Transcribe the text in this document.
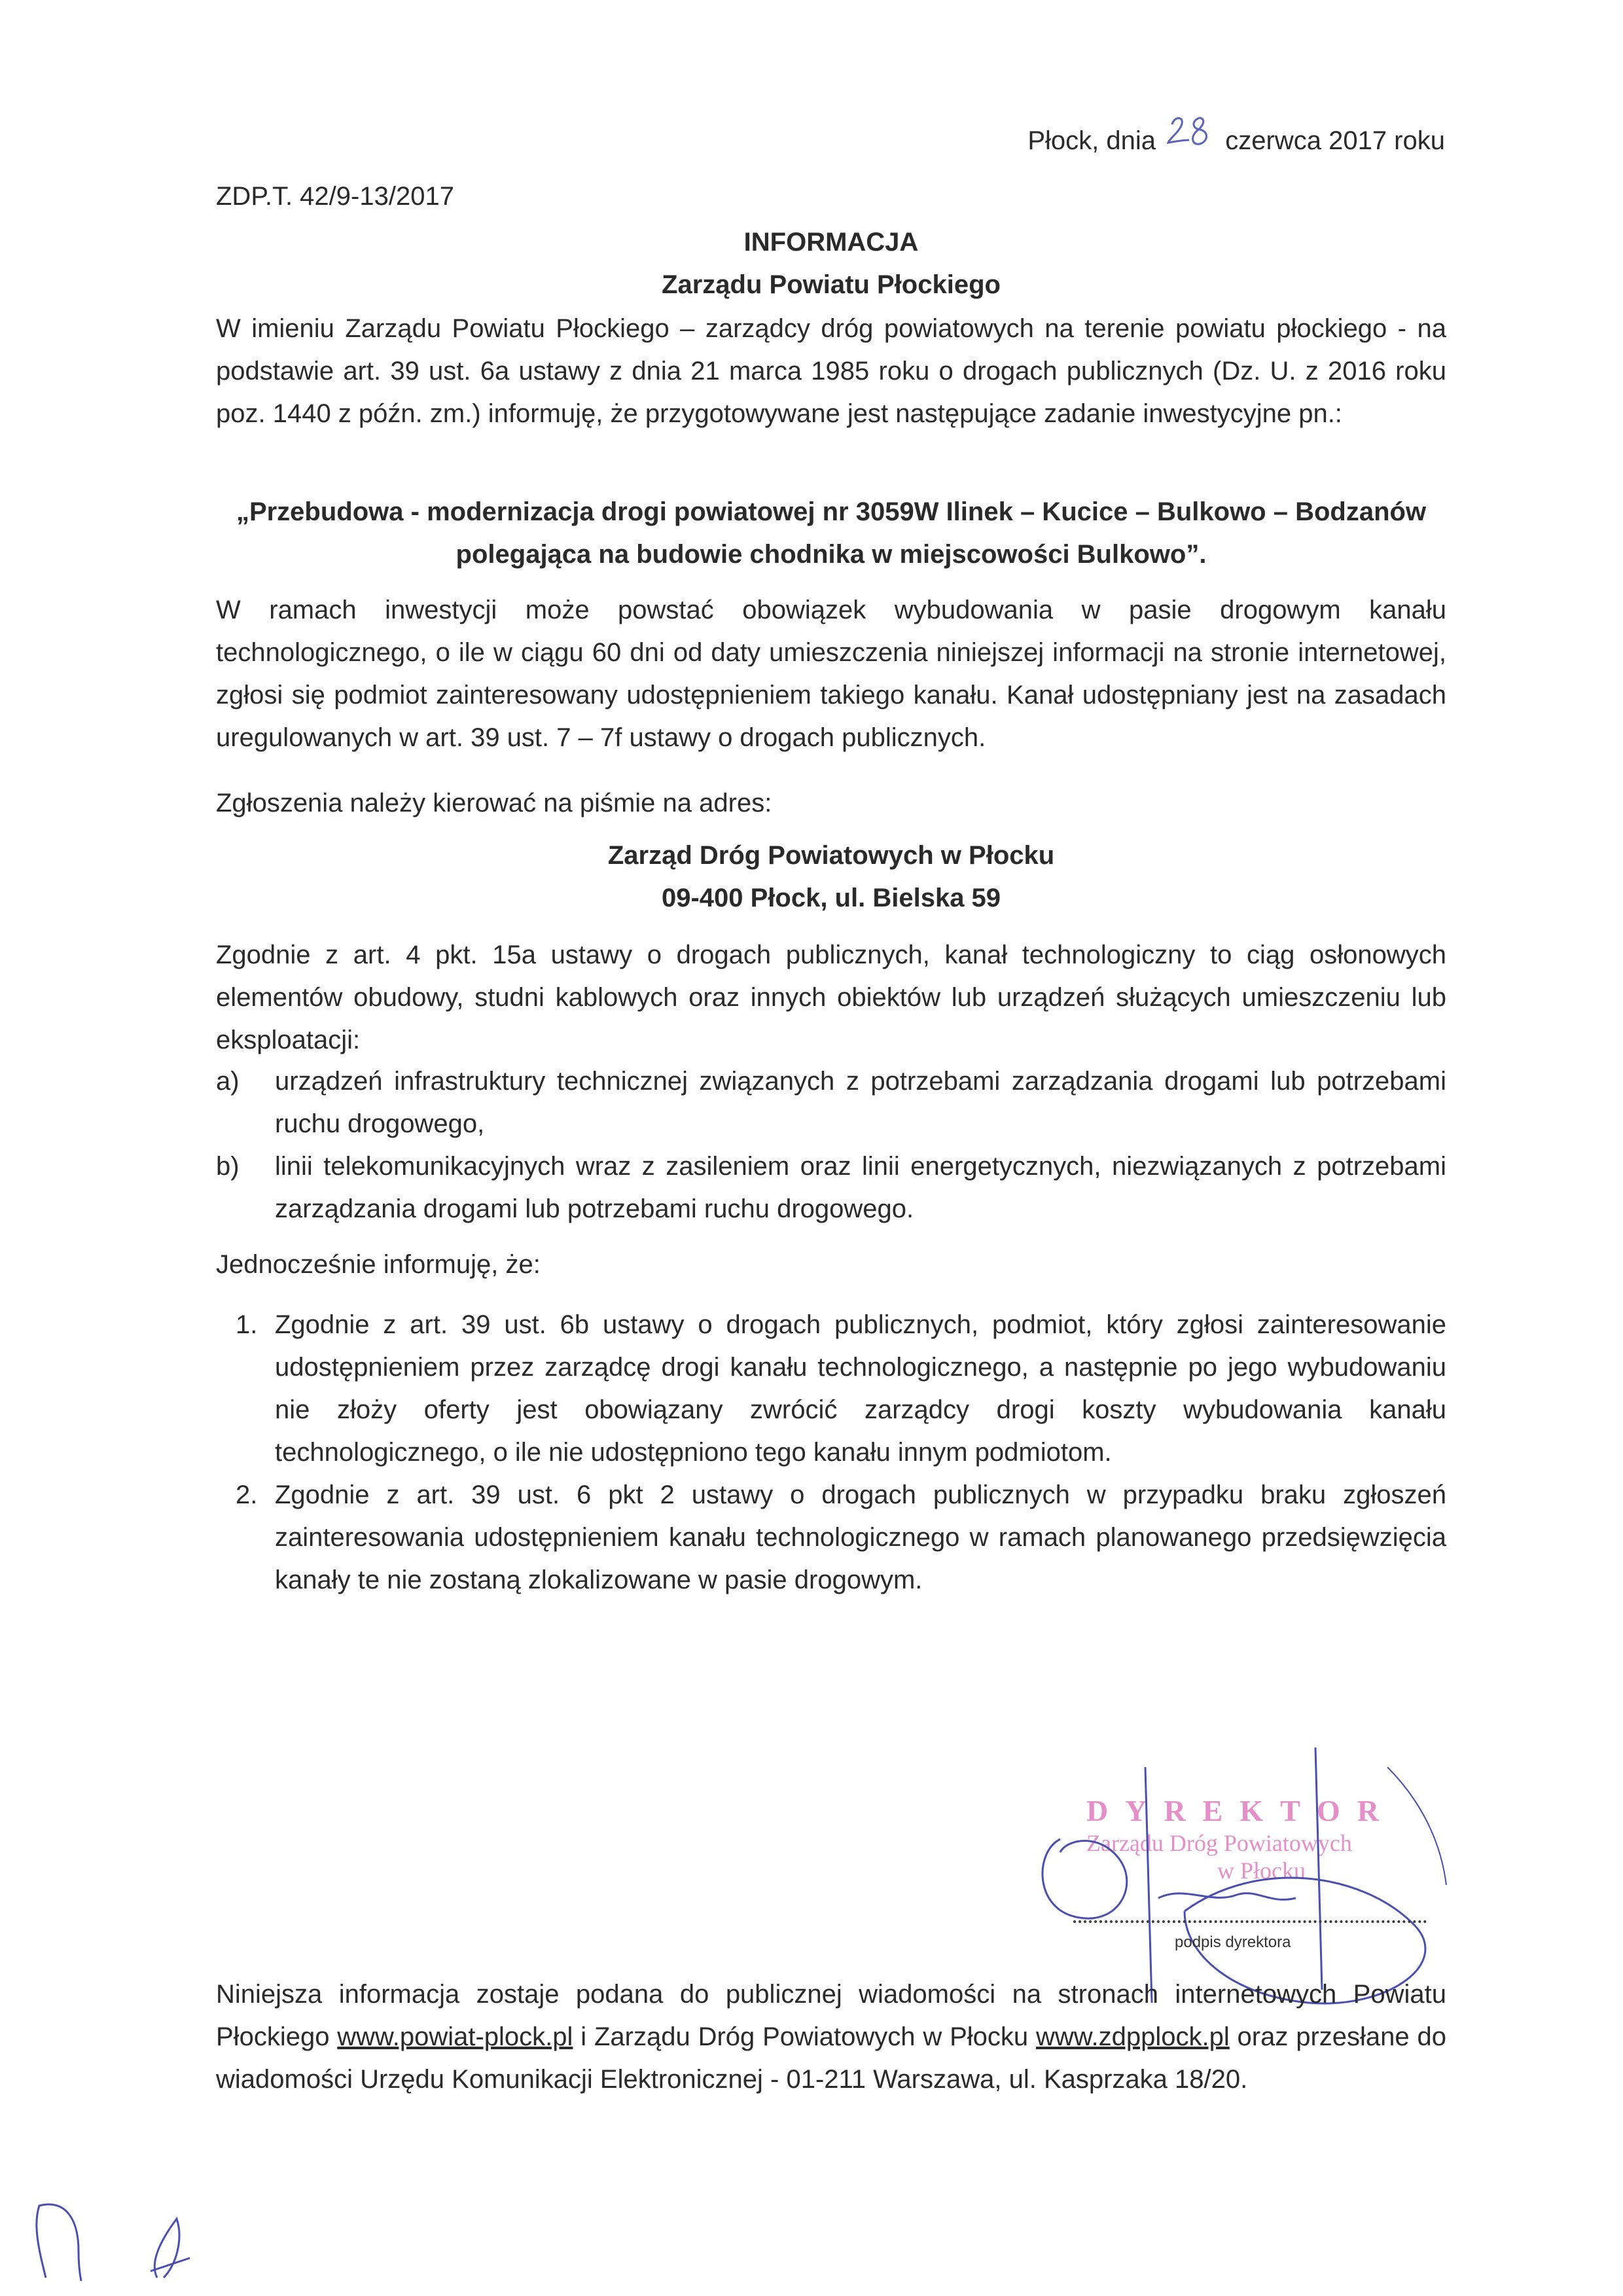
Płock, dnia	czerwca 2017 roku
ZDP.T. 42/9-13/2017
INFORMACJA
Zarządu Powiatu Płockiego
W imieniu Zarządu Powiatu Płockiego – zarządcy dróg powiatowych na terenie powiatu płockiego - na podstawie art. 39 ust. 6a ustawy z dnia 21 marca 1985 roku o drogach publicznych (Dz. U. z 2016 roku poz. 1440 z późn. zm.) informuję, że przygotowywane jest następujące zadanie inwestycyjne pn.:
„Przebudowa - modernizacja drogi powiatowej nr 3059W Ilinek – Kucice – Bulkowo – Bodzanów
polegająca na budowie chodnika w miejscowości Bulkowo”.
W ramach inwestycji może powstać obowiązek wybudowania w pasie drogowym kanału technologicznego, o ile w ciągu 60 dni od daty umieszczenia niniejszej informacji na stronie internetowej, zgłosi się podmiot zainteresowany udostępnieniem takiego kanału. Kanał udostępniany jest na zasadach uregulowanych w art. 39 ust. 7 – 7f ustawy o drogach publicznych.
Zgłoszenia należy kierować na piśmie na adres:
Zarząd Dróg Powiatowych w Płocku
09-400 Płock, ul. Bielska 59
Zgodnie z art. 4 pkt. 15a ustawy o drogach publicznych, kanał technologiczny to ciąg osłonowych elementów obudowy, studni kablowych oraz innych obiektów lub urządzeń służących umieszczeniu lub eksploatacji:
a) urządzeń infrastruktury technicznej związanych z potrzebami zarządzania drogami lub potrzebami ruchu drogowego,
b) linii telekomunikacyjnych wraz z zasileniem oraz linii energetycznych, niezwiązanych z potrzebami zarządzania drogami lub potrzebami ruchu drogowego.
Jednocześnie informuję, że:
1. Zgodnie z art. 39 ust. 6b ustawy o drogach publicznych, podmiot, który zgłosi zainteresowanie udostępnieniem przez zarządcę drogi kanału technologicznego, a następnie po jego wybudowaniu nie złoży oferty jest obowiązany zwrócić zarządcy drogi koszty wybudowania kanału technologicznego, o ile nie udostępniono tego kanału innym podmiotom.
2. Zgodnie z art. 39 ust. 6 pkt 2 ustawy o drogach publicznych w przypadku braku zgłoszeń zainteresowania udostępnieniem kanału technologicznego w ramach planowanego przedsięwzięcia kanały te nie zostaną zlokalizowane w pasie drogowym.
DYREKTOR
Zarządu Dróg Powiatowych
w Płocku
podpis dyrektora
Niniejsza informacja zostaje podana do publicznej wiadomości na stronach internetowych Powiatu Płockiego www.powiat-plock.pl i Zarządu Dróg Powiatowych w Płocku www.zdpplock.pl oraz przesłane do wiadomości Urzędu Komunikacji Elektronicznej - 01-211 Warszawa, ul. Kasprzaka 18/20.
